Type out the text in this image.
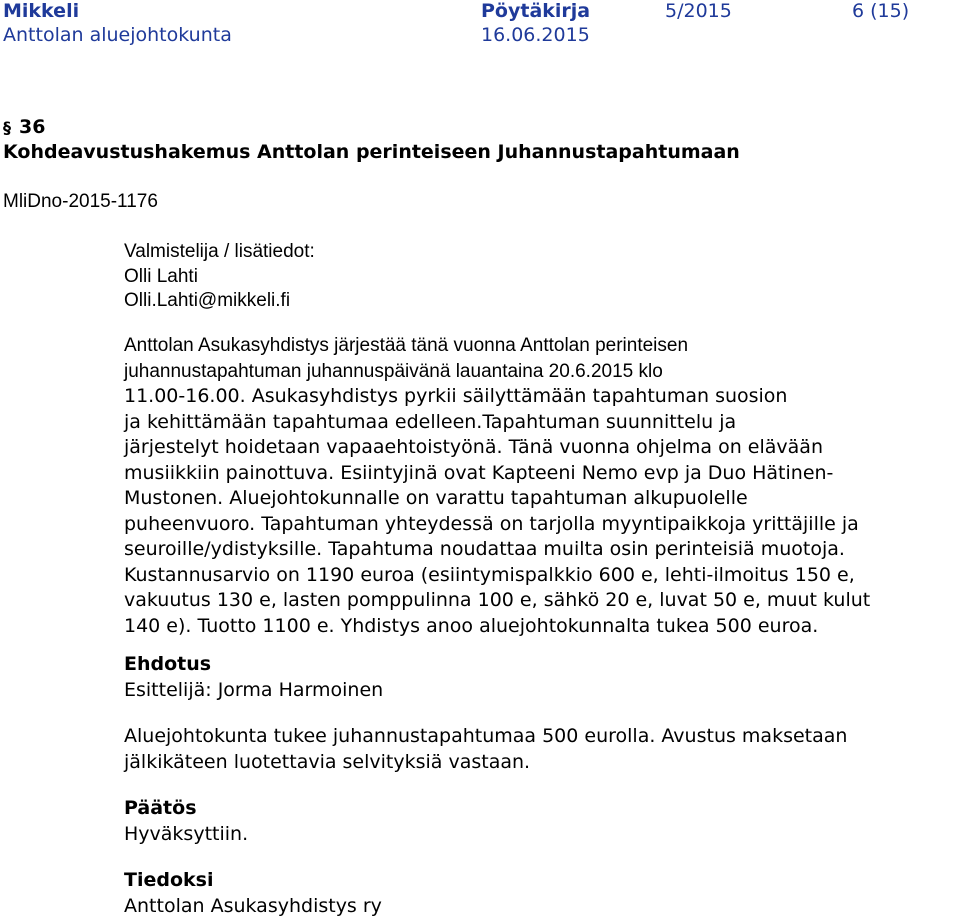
Mikkeli	Pöytäkirja	5/2015	6 (15)
Anttolan aluejohtokunta	16.06.2015
§ 36
Kohdeavustushakemus Anttolan perinteiseen Juhannustapahtumaan
MliDno-2015-1176
Valmistelija / lisätiedot:
Olli Lahti
Olli.Lahti@mikkeli.fi
Anttolan Asukasyhdistys järjestää tänä vuonna Anttolan perinteisen
juhannustapahtuman juhannuspäivänä lauantaina 20.6.2015 klo
11.00-16.00. Asukasyhdistys pyrkii säilyttämään tapahtuman suosion
ja kehittämään tapahtumaa edelleen.Tapahtuman suunnittelu ja
järjestelyt hoidetaan vapaaehtoistyönä. Tänä vuonna ohjelma on elävään
musiikkiin painottuva. Esiintyjinä ovat Kapteeni Nemo evp ja Duo Hätinen-
Mustonen. Aluejohtokunnalle on varattu tapahtuman alkupuolelle
puheenvuoro. Tapahtuman yhteydessä on tarjolla myyntipaikkoja yrittäjille ja
seuroille/ydistyksille. Tapahtuma noudattaa muilta osin perinteisiä muotoja.
Kustannusarvio on 1190 euroa (esiintymispalkkio 600 e, lehti-ilmoitus 150 e,
vakuutus 130 e, lasten pomppulinna 100 e, sähkö 20 e, luvat 50 e, muut kulut
140 e). Tuotto 1100 e. Yhdistys anoo aluejohtokunnalta tukea 500 euroa.
Ehdotus
Esittelijä: Jorma Harmoinen
Aluejohtokunta tukee juhannustapahtumaa 500 eurolla. Avustus maksetaan
jälkikäteen luotettavia selvityksiä vastaan.
Päätös
Hyväksyttiin.
Tiedoksi
Anttolan Asukasyhdistys ry
